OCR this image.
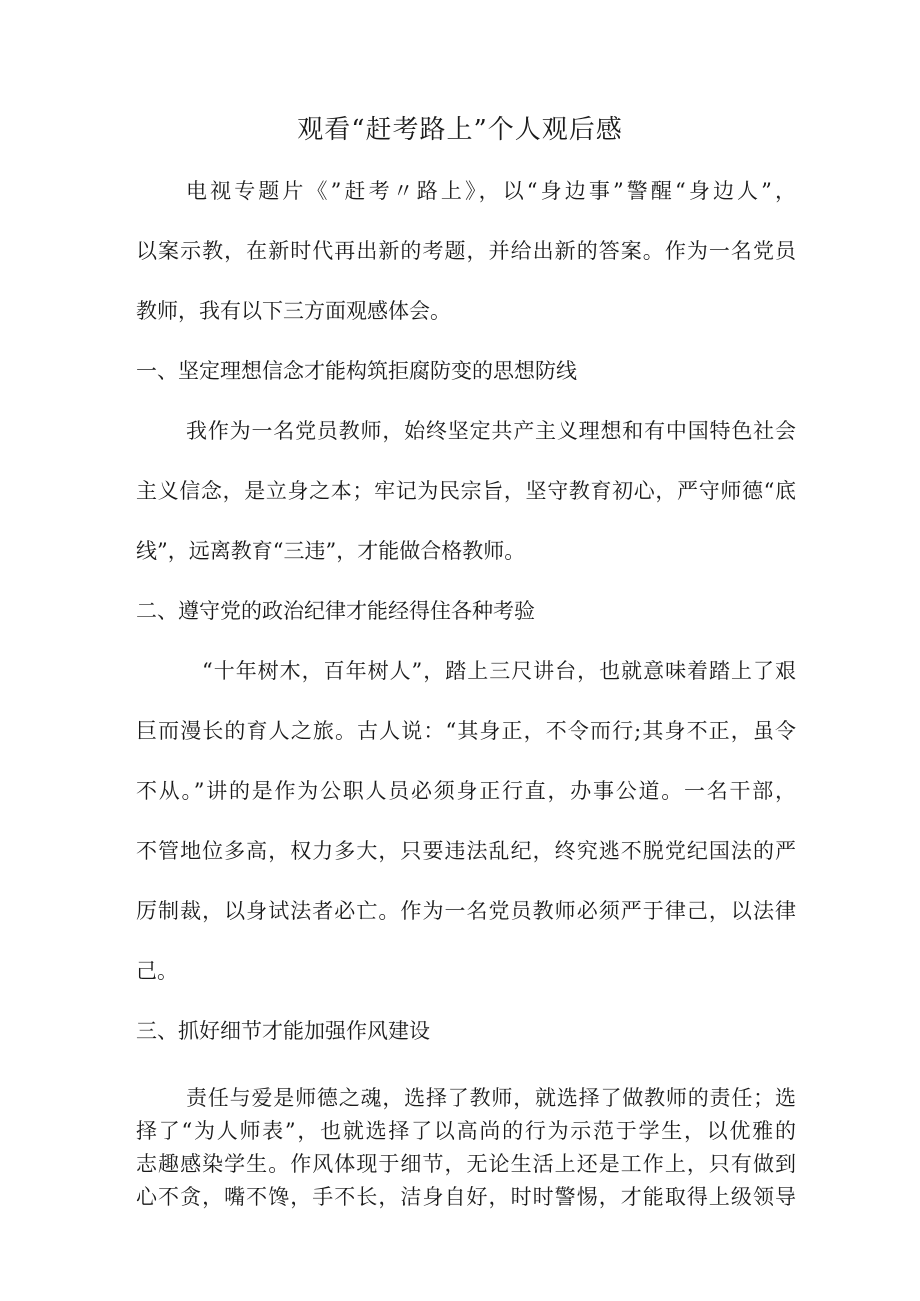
观看“赶考路上”个人观后感
电视专题片《”赶考〃路上》，以“身边事”警醒“身边人”，
以案示教，在新时代再出新的考题，并给出新的答案。作为一名党员
教师，我有以下三方面观感体会。
一、坚定理想信念才能构筑拒腐防变的思想防线
我作为一名党员教师，始终坚定共产主义理想和有中国特色社会
主义信念，是立身之本；牢记为民宗旨，坚守教育初心，严守师德“底
线”，远离教育“三违”，才能做合格教师。
二、遵守党的政治纪律才能经得住各种考验
“十年树木，百年树人”，踏上三尺讲台，也就意味着踏上了艰
巨而漫长的育人之旅。古人说：“其身正，不令而行;其身不正，虽令
不从。”讲的是作为公职人员必须身正行直，办事公道。一名干部，
不管地位多高，权力多大，只要违法乱纪，终究逃不脱党纪国法的严
厉制裁，以身试法者必亡。作为一名党员教师必须严于律己，以法律
己。
三、抓好细节才能加强作风建设
责任与爱是师德之魂，选择了教师，就选择了做教师的责任；选
择了“为人师表”，也就选择了以高尚的行为示范于学生，以优雅的
志趣感染学生。作风体现于细节，无论生活上还是工作上，只有做到
心不贪，嘴不馋，手不长，洁身自好，时时警惕，才能取得上级领导
